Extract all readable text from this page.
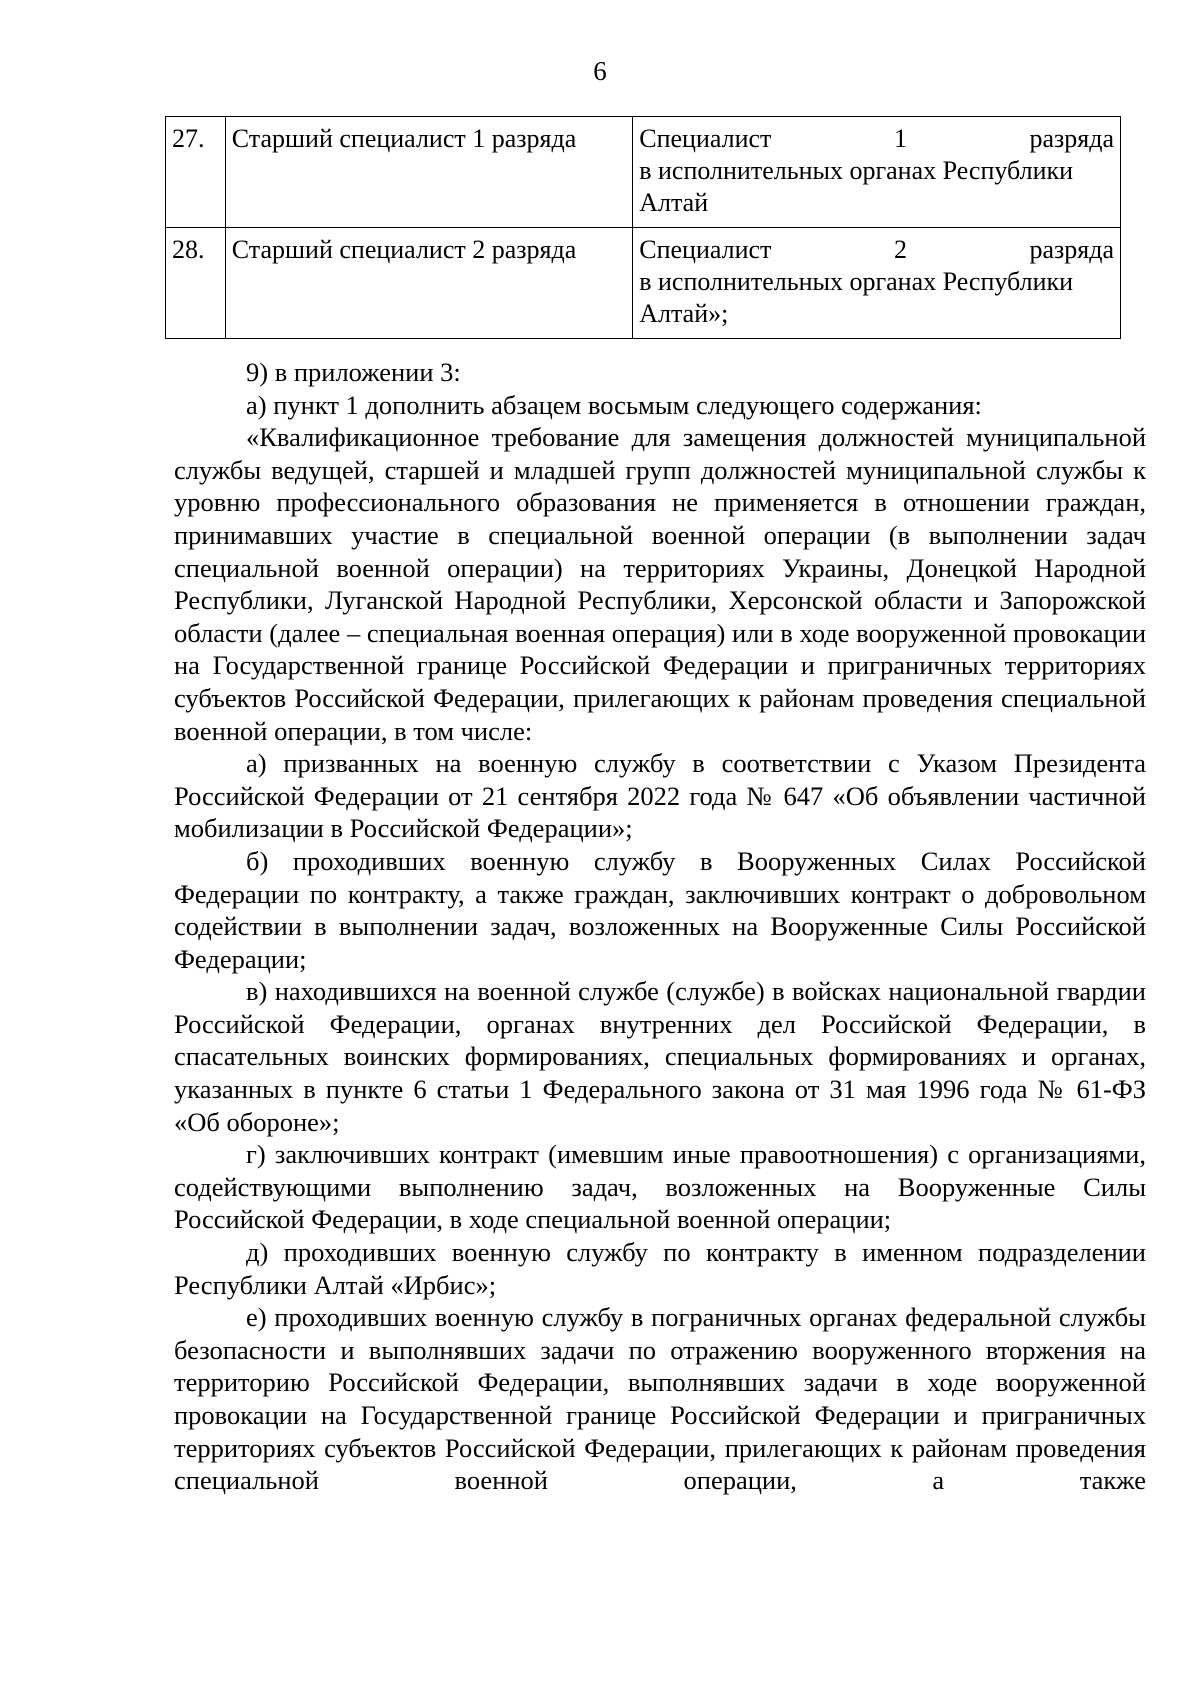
6
27.	Старший специалист 1 разряда	Специалист 1 разряда
в исполнительных органах Республики Алтай

28.	Старший специалист 2 разряда	Специалист 2 разряда
в исполнительных органах Республики Алтай»;

9) в приложении 3:

а) пункт 1 дополнить абзацем восьмым следующего содержания:

«Квалификационное требование для замещения должностей муниципальной службы ведущей, старшей и младшей групп должностей муниципальной службы к уровню профессионального образования не применяется в отношении граждан, принимавших участие в специальной военной операции (в выполнении задач специальной военной операции) на территориях Украины, Донецкой Народной Республики, Луганской Народной Республики, Херсонской области и Запорожской области (далее – специальная военная операция) или в ходе вооруженной провокации на Государственной границе Российской Федерации и приграничных территориях субъектов Российской Федерации, прилегающих к районам проведения специальной военной операции, в том числе:

а) призванных на военную службу в соответствии с Указом Президента Российской Федерации от 21 сентября 2022 года № 647 «Об объявлении частичной мобилизации в Российской Федерации»;

б) проходивших военную службу в Вооруженных Силах Российской Федерации по контракту, а также граждан, заключивших контракт о добровольном содействии в выполнении задач, возложенных на Вооруженные Силы Российской Федерации;

в) находившихся на военной службе (службе) в войсках национальной гвардии Российской Федерации, органах внутренних дел Российской Федерации, в спасательных воинских формированиях, специальных формированиях и органах, указанных в пункте 6 статьи 1 Федерального закона от 31 мая 1996 года № 61-ФЗ «Об обороне»;

г) заключивших контракт (имевшим иные правоотношения) с организациями, содействующими выполнению задач, возложенных на Вооруженные Силы Российской Федерации, в ходе специальной военной операции;

д) проходивших военную службу по контракту в именном подразделении Республики Алтай «Ирбис»;

е) проходивших военную службу в пограничных органах федеральной службы безопасности и выполнявших задачи по отражению вооруженного вторжения на территорию Российской Федерации, выполнявших задачи в ходе вооруженной провокации на Государственной границе Российской Федерации и приграничных территориях субъектов Российской Федерации, прилегающих к районам проведения специальной военной операции, а также
